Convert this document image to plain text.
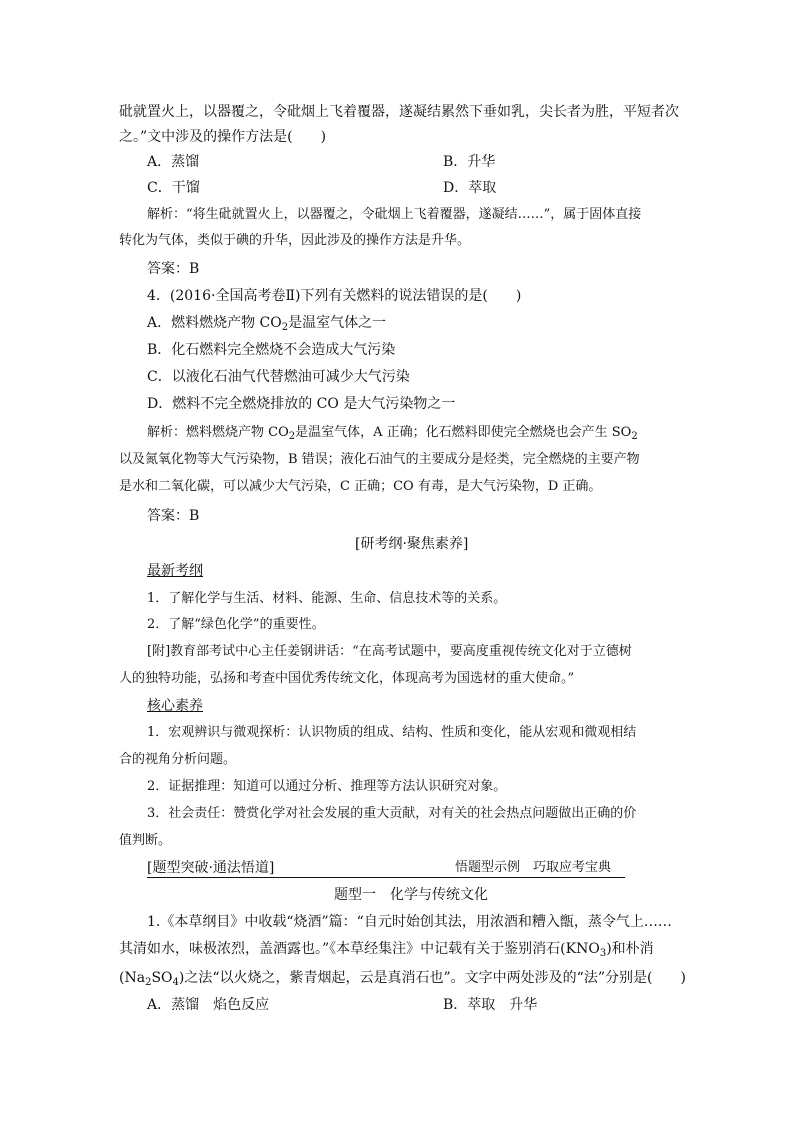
砒就置火上，以器覆之，令砒烟上飞着覆器，遂凝结累然下垂如乳，尖长者为胜，平短者次
之。”文中涉及的操作方法是(　　)
A．蒸馏	B．升华
C．干馏	D．萃取
解析：“将生砒就置火上，以器覆之，令砒烟上飞着覆器，遂凝结……”，属于固体直接
转化为气体，类似于碘的升华，因此涉及的操作方法是升华。
答案：B
4．(2016·全国高考卷Ⅱ)下列有关燃料的说法错误的是(　　)
A．燃料燃烧产物 $CO_2$是温室气体之一
B．化石燃料完全燃烧不会造成大气污染
C．以液化石油气代替燃油可减少大气污染
D．燃料不完全燃烧排放的 CO 是大气污染物之一
解析：燃料燃烧产物 $CO_2$是温室气体，A 正确；化石燃料即使完全燃烧也会产生 $SO_2$
以及氮氧化物等大气污染物，B 错误；液化石油气的主要成分是烃类，完全燃烧的主要产物
是水和二氧化碳，可以减少大气污染，C 正确；CO 有毒，是大气污染物，D 正确。
答案：B
[研考纲·聚焦素养]
最新考纲
1．了解化学与生活、材料、能源、生命、信息技术等的关系。
2．了解“绿色化学”的重要性。
[附]教育部考试中心主任姜钢讲话：“在高考试题中，要高度重视传统文化对于立德树
人的独特功能，弘扬和考查中国优秀传统文化，体现高考为国选材的重大使命。”
核心素养
1．宏观辨识与微观探析：认识物质的组成、结构、性质和变化，能从宏观和微观相结
合的视角分析问题。
2．证据推理：知道可以通过分析、推理等方法认识研究对象。
3．社会责任：赞赏化学对社会发展的重大贡献，对有关的社会热点问题做出正确的价
值判断。
[题型突破·通法悟道]	悟题型示例　巧取应考宝典
题型一　化学与传统文化
1.《本草纲目》中收载“烧酒”篇：“自元时始创其法，用浓酒和糟入甑，蒸令气上……
其清如水，味极浓烈，盖酒露也。”《本草经集注》中记载有关于鉴别消石$(KNO_3)$和朴消
$(Na_2SO_4)$之法“以火烧之，紫青烟起，云是真消石也”。文字中两处涉及的“法”分别是(　　)
A．蒸馏　焰色反应	B．萃取　升华
